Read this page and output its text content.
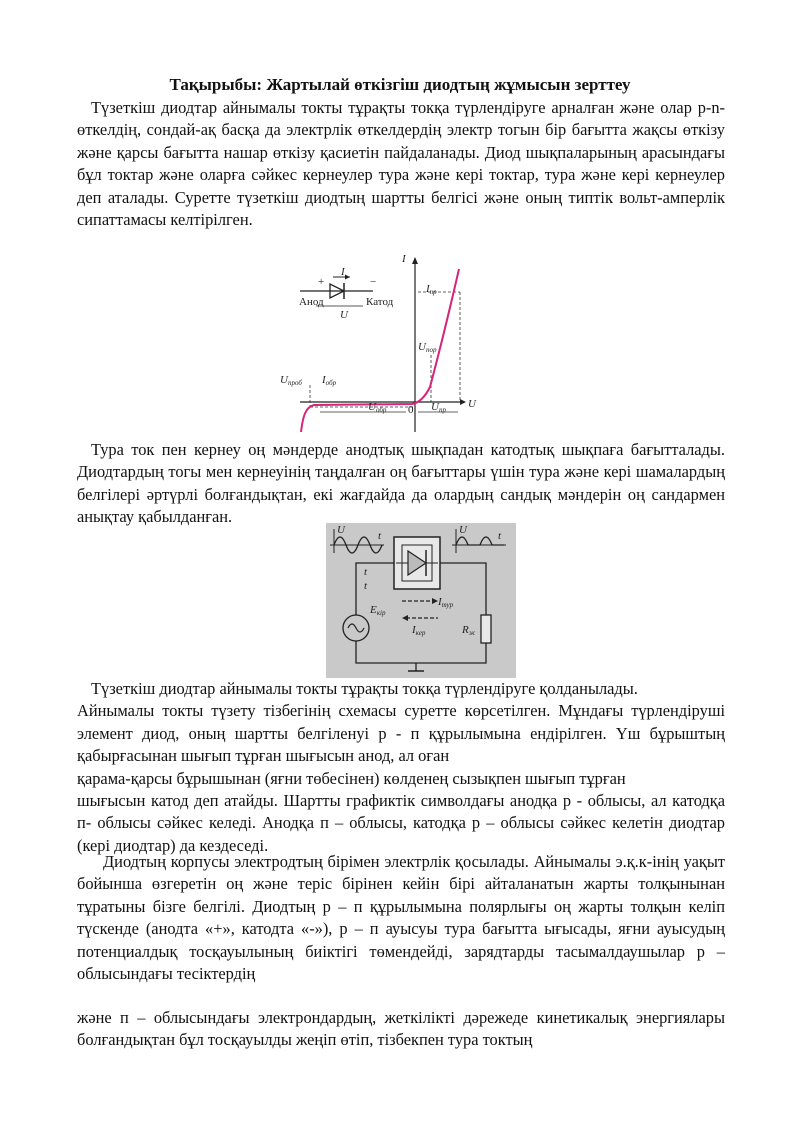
Тақырыбы: Жартылай өткізгіш диодтың жұмысын зерттеу
Түзеткіш диодтар айнымалы токты тұрақты токқа түрлендіруге арналған және олар p-n-өткелдің, сондай-ақ басқа да электрлік өткелдердің электр тогын бір бағытта жақсы өткізу және қарсы бағытта нашар өткізу қасиетін пайдаланады. Диод шықпаларының арасындағы бұл токтар және оларға сәйкес кернеулер тура және кері токтар, тура және кері кернеулер деп аталады. Суретте түзеткіш диодтың шартты белгісі және оның типтік вольт-амперлік сипаттамасы келтірілген.
+	−
I
Анод	Катод
U
I
U
Iпр
Uпор
Uпроб Iобр
Uобр 0 Uпр
Тура ток пен кернеу оң мәндерде анодтық шықпадан катодтық шықпаға бағытталады. Диодтардың тогы мен кернеуінің таңдалған оң бағыттары үшін тура және кері шамалардың белгілері әртүрлі болғандықтан, екі жағдайда да олардың сандық мәндерін оң сандармен анықтау қабылданған.
U	t	U	t
Eкір
Rж
t
t
Iтур
Iкер
Түзеткіш диодтар айнымалы токты тұрақты токқа түрлендіруге қолданылады.
Айнымалы токты түзету тізбегінің схемасы суретте көрсетілген. Мұндағы түрлендіруші элемент диод, оның шартты белгіленуі р - п құрылымына ендірілген. Үш бұрыштың қабырғасынан шығып тұрған шығысын анод, ал оған
қарама-қарсы бұрышынан (яғни төбесінен) көлденең сызықпен шығып тұрған
шығысын катод деп атайды. Шартты графиктік символдағы анодқа р - облысы, ал катодқа п- облысы сәйкес келеді. Анодқа п – облысы, катодқа р – облысы сәйкес келетін диодтар (кері диодтар) да кездеседі.
Диодтың корпусы электродтың бірімен электрлік қосылады. Айнымалы э.қ.к-інің уақыт бойынша өзгеретін оң және теріс бірінен кейін бірі айталанатын жарты толқынынан тұратыны бізге белгілі. Диодтың р – п құрылымына полярлығы оң жарты толқын келіп түскенде (анодта «+», катодта «-»), р – п ауысуы тура бағытта ығысады, яғни ауысудың потенциалдық тосқауылының биіктігі төмендейді, зарядтарды тасымалдаушылар р – облысындағы тесіктердің
және п – облысындағы электрондардың, жеткілікті дәрежеде кинетикалық энергиялары болғандықтан бұл тосқауылды жеңіп өтіп, тізбекпен тура токтың
